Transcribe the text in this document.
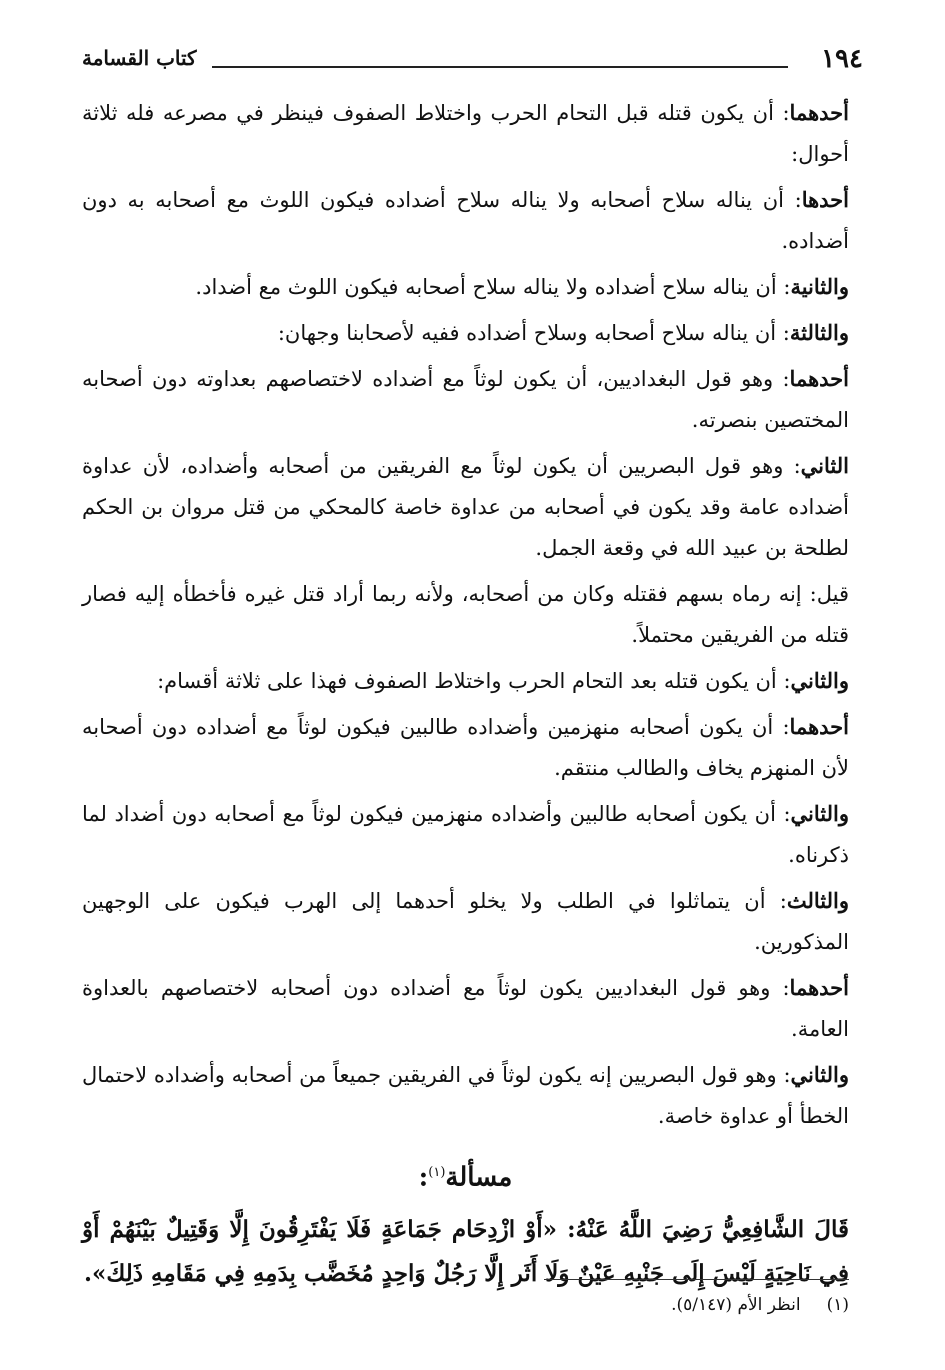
١٩٤
كتاب القسامة

أحدهما: أن يكون قتله قبل التحام الحرب واختلاط الصفوف فينظر في مصرعه فله ثلاثة أحوال:

أحدها: أن يناله سلاح أصحابه ولا يناله سلاح أضداده فيكون اللوث مع أصحابه به دون أضداده.

والثانية: أن يناله سلاح أضداده ولا يناله سلاح أصحابه فيكون اللوث مع أضداد.

والثالثة: أن يناله سلاح أصحابه وسلاح أضداده ففيه لأصحابنا وجهان:

أحدهما: وهو قول البغداديين، أن يكون لوثاً مع أضداده لاختصاصهم بعداوته دون أصحابه المختصين بنصرته.

الثاني: وهو قول البصريين أن يكون لوثاً مع الفريقين من أصحابه وأضداده، لأن عداوة أضداده عامة وقد يكون في أصحابه من عداوة خاصة كالمحكي من قتل مروان بن الحكم لطلحة بن عبيد الله في وقعة الجمل.

قيل: إنه رماه بسهم فقتله وكان من أصحابه، ولأنه ربما أراد قتل غيره فأخطأه إليه فصار قتله من الفريقين محتملاً.

والثاني: أن يكون قتله بعد التحام الحرب واختلاط الصفوف فهذا على ثلاثة أقسام:

أحدهما: أن يكون أصحابه منهزمين وأضداده طالبين فيكون لوثاً مع أضداده دون أصحابه لأن المنهزم يخاف والطالب منتقم.

والثاني: أن يكون أصحابه طالبين وأضداده منهزمين فيكون لوثاً مع أصحابه دون أضداد لما ذكرناه.

والثالث: أن يتماثلوا في الطلب ولا يخلو أحدهما إلى الهرب فيكون على الوجهين المذكورين.

أحدهما: وهو قول البغداديين يكون لوثاً مع أضداده دون أصحابه لاختصاصهم بالعداوة العامة.

والثاني: وهو قول البصريين إنه يكون لوثاً في الفريقين جميعاً من أصحابه وأضداده لاحتمال الخطأ أو عداوة خاصة.

مسألة$^{(١)}$:

قَالَ الشَّافِعِيُّ رَضِيَ اللَّهُ عَنْهُ: «أَوْ ازْدِحَام جَمَاعَةٍ فَلَا يَفْتَرِقُونَ إِلَّا وَقَتِيلٌ بَيْنَهُمْ أَوْ فِي نَاحِيَةٍ لَيْسَ إِلَى جَنْبِهِ عَيْنٌ وَلَا أَثَر إِلَّا رَجُلٌ وَاحِدٍ مُخَضَّب بِدَمِهِ فِي مَقَامِهِ ذَلِكَ».

(١)انظر الأم (٥/١٤٧).
